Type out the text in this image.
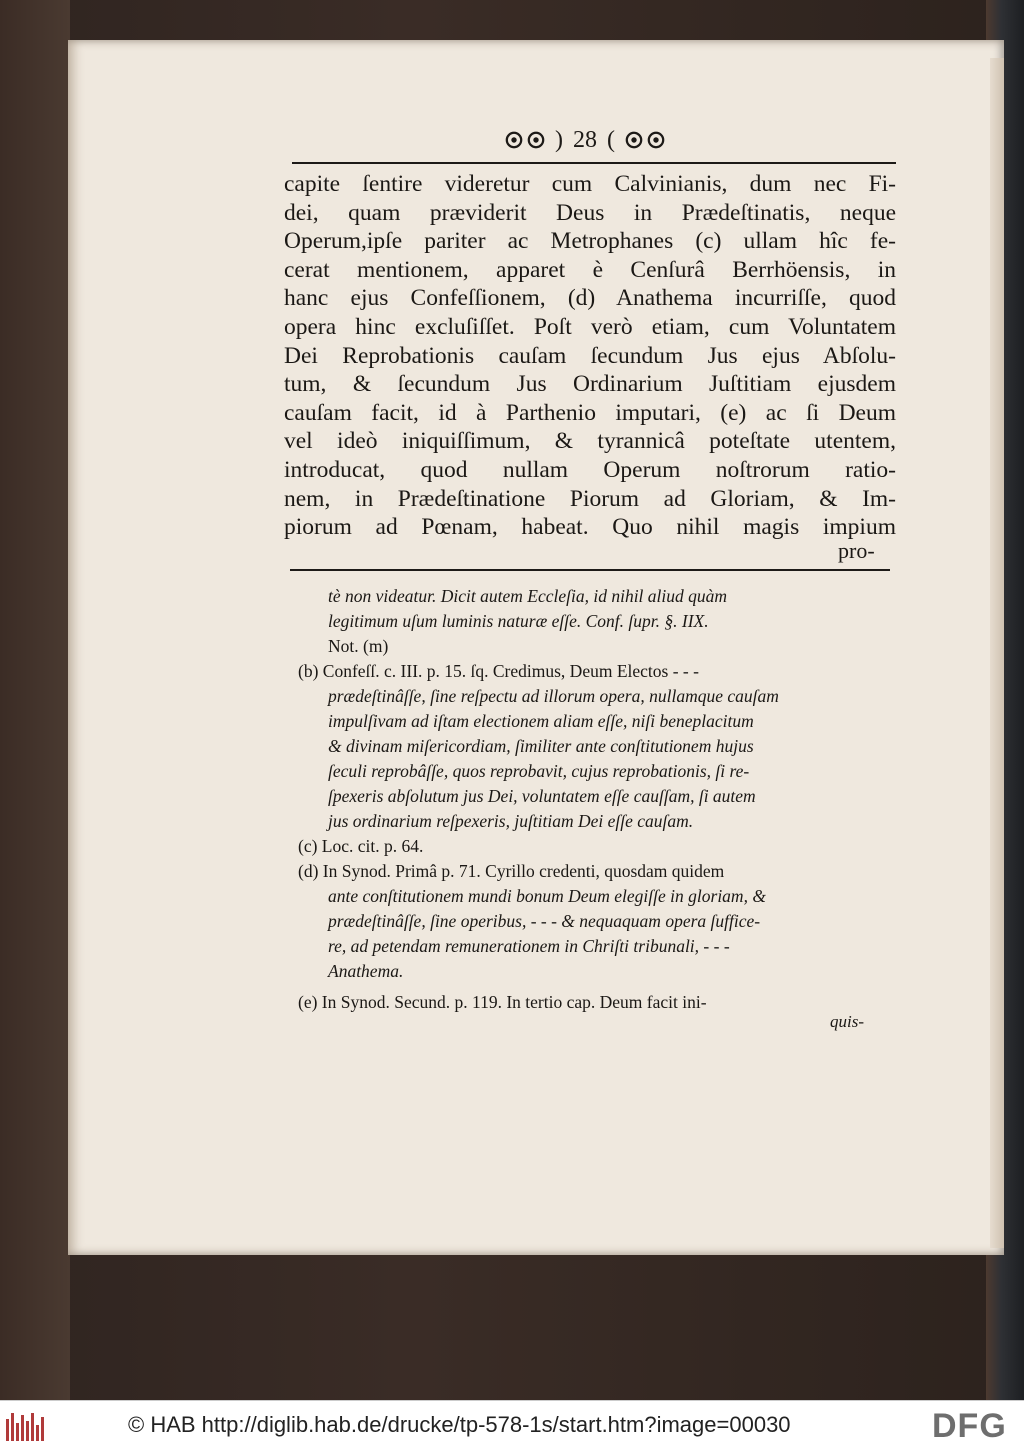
) 28 (
capite ſentire videretur cum Calvinianis, dum nec Fi-
dei, quam præviderit Deus in Prædeſtinatis, neque
Operum,ipſe pariter ac Metrophanes (c) ullam hîc fe-
cerat mentionem, apparet è Cenſurâ Berrhöensis, in
hanc ejus Confeſſionem, (d) Anathema incurriſſe, quod
opera hinc excluſiſſet. Poſt verò etiam, cum Voluntatem
Dei Reprobationis cauſam ſecundum Jus ejus Abſolu-
tum, & ſecundum Jus Ordinarium Juſtitiam ejusdem
cauſam facit, id à Parthenio imputari, (e) ac ſi Deum
vel ideò iniquiſſimum, & tyrannicâ poteſtate utentem,
introducat, quod nullam Operum noſtrorum ratio-
nem, in Prædeſtinatione Piorum ad Gloriam, & Im-
piorum ad Pœnam, habeat. Quo nihil magis impium
pro-
tè non videatur. Dicit autem Eccleſia, id nihil aliud quàm
legitimum uſum luminis naturæ eſſe. Conf. ſupr. §. IIX.
Not. (m)
(b) Confeſſ. c. III. p. 15. ſq. Credimus, Deum Electos - - -
prædeſtinâſſe, ſine reſpectu ad illorum opera, nullamque cauſam
impulſivam ad iſtam electionem aliam eſſe, niſi beneplacitum
& divinam miſericordiam, ſimiliter ante conſtitutionem hujus
ſeculi reprobâſſe, quos reprobavit, cujus reprobationis, ſi re-
ſpexeris abſolutum jus Dei, voluntatem eſſe cauſſam, ſi autem
jus ordinarium reſpexeris, juſtitiam Dei eſſe cauſam.
(c) Loc. cit. p. 64.
(d) In Synod. Primâ p. 71. Cyrillo credenti, quosdam quidem
ante conſtitutionem mundi bonum Deum elegiſſe in gloriam, &
prædeſtinâſſe, ſine operibus, - - - & nequaquam opera ſuffice-
re, ad petendam remunerationem in Chriſti tribunali, - - -
Anathema.
(e) In Synod. Secund. p. 119. In tertio cap. Deum facit ini-
quis-
© HAB http://diglib.hab.de/drucke/tp-578-1s/start.htm?image=00030	DFG
